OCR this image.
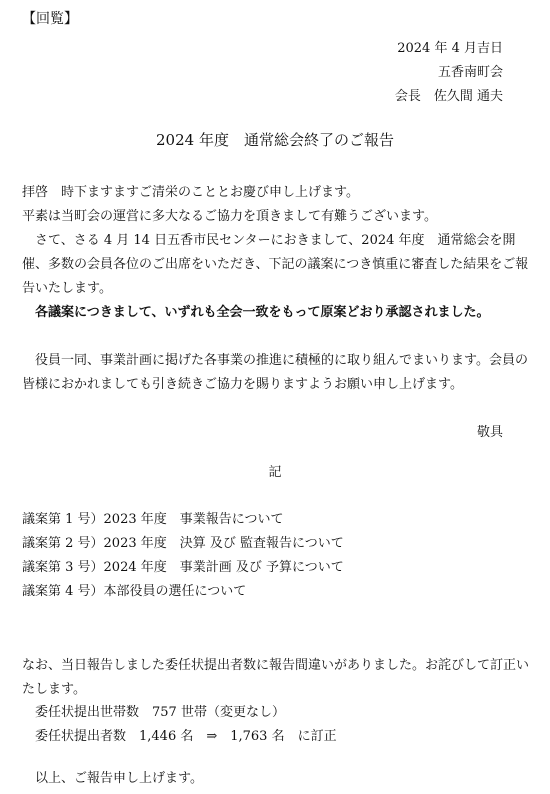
【回覧】
2024 年 4 月吉日
五香南町会
会長　佐久間 通夫
2024 年度　通常総会終了のご報告
拝啓　時下ますますご清栄のこととお慶び申し上げます。
平素は当町会の運営に多大なるご協力を頂きまして有難うございます。
　さて、さる 4 月 14 日五香市民センターにおきまして、2024 年度　通常総会を開催、多数の会員各位のご出席をいただき、下記の議案につき慎重に審査した結果をご報告いたします。
　各議案につきまして、いずれも全会一致をもって原案どおり承認されました。
　役員一同、事業計画に掲げた各事業の推進に積極的に取り組んでまいります。会員の皆様におかれましても引き続きご協力を賜りますようお願い申し上げます。
敬具
記
議案第 1 号）2023 年度　事業報告について
議案第 2 号）2023 年度　決算 及び 監査報告について
議案第 3 号）2024 年度　事業計画 及び 予算について
議案第 4 号）本部役員の選任について
なお、当日報告しました委任状提出者数に報告間違いがありました。お詫びして訂正いたします。
　委任状提出世帯数　757 世帯（変更なし）
　委任状提出者数　1,446 名　⇒　1,763 名　に訂正
　以上、ご報告申し上げます。
